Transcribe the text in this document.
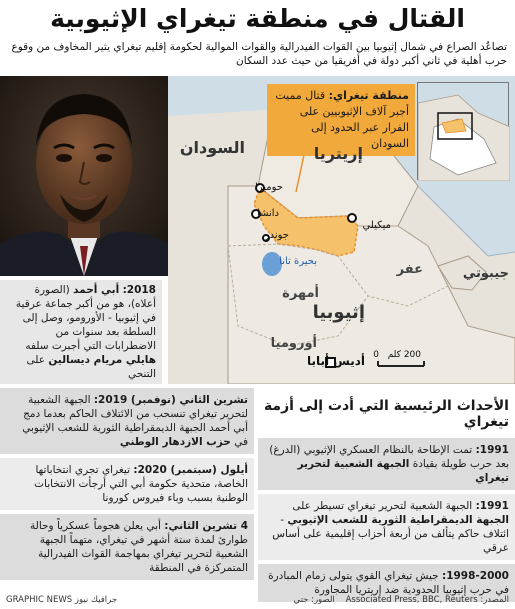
القتال في منطقة تيغراي الإثيوبية
تصاعُد الصراع في شمال إثيوبيا بين القوات الفيدرالية والقوات الموالية لحكومة إقليم تيغراي يثير المخاوف من وقوع حرب أهلية في ثاني أكبر دولة في أفريقيا من حيث عدد السكان
منطقة تيغراي: قتال مميت أجبر آلاف الإثيوبيين على الفرار عبر الحدود إلى السودان
السودان	إريتريا
إثيوبيا
عفر
أمهرة
أوروميا
جيبوتي
حوميرا
دانشا
ميكيلي
جوندر
بحيرة تانا
أديس أبابا	200 كلم
0
2018: أبي أحمد (الصورة أعلاه)، هو من أكبر جماعة عرقية في إثيوبيا - الأورومو، وصل إلى السلطة بعد سنوات من الاضطرابات التي أجبرت سلفه هايلي مريام ديسالين على التنحي
تشرين الثاني (نوفمبر) 2019: الجبهة الشعبية لتحرير تيغراي تنسحب من الائتلاف الحاكم بعدما دمج أبي أحمد الجبهة الديمقراطية الثورية للشعب الإثيوبي في حزب الازدهار الوطني
أيلول (سبتمبر) 2020: تيغراي تجري انتخاباتها الخاصة، متحدية حكومة أبي التي أرجأت الانتخابات الوطنية بسبب وباء فيروس كورونا
4 تشرين الثاني: أبي يعلن هجوماً عسكرياً وحالة طوارئ لمدة ستة أشهر في تيغراي، متهماً الجبهة الشعبية لتحرير تيغراي بمهاجمة القوات الفيدرالية المتمركزة في المنطقة
الأحداث الرئيسية التي أدت إلى أزمة تيغراي
1991: تمت الإطاحة بالنظام العسكري الإثيوبي (الدرغ) بعد حرب طويلة بقيادة الجبهة الشعبية لتحرير تيغراي
1991: الجبهة الشعبية لتحرير تيغراي تسيطر على الجبهة الديمقراطية الثورية للشعب الإثيوبي - ائتلاف حاكم يتألف من أربعة أحزاب إقليمية على أساس عرقي
1998-2000: جيش تيغراي القوي يتولى زمام المبادرة في حرب إثيوبيا الحدودية ضد إريتريا المجاورة
المصدر: Associated Press, BBC, Reuters    الصور: جتي
GRAPHIC NEWS جرافيك نيوز
